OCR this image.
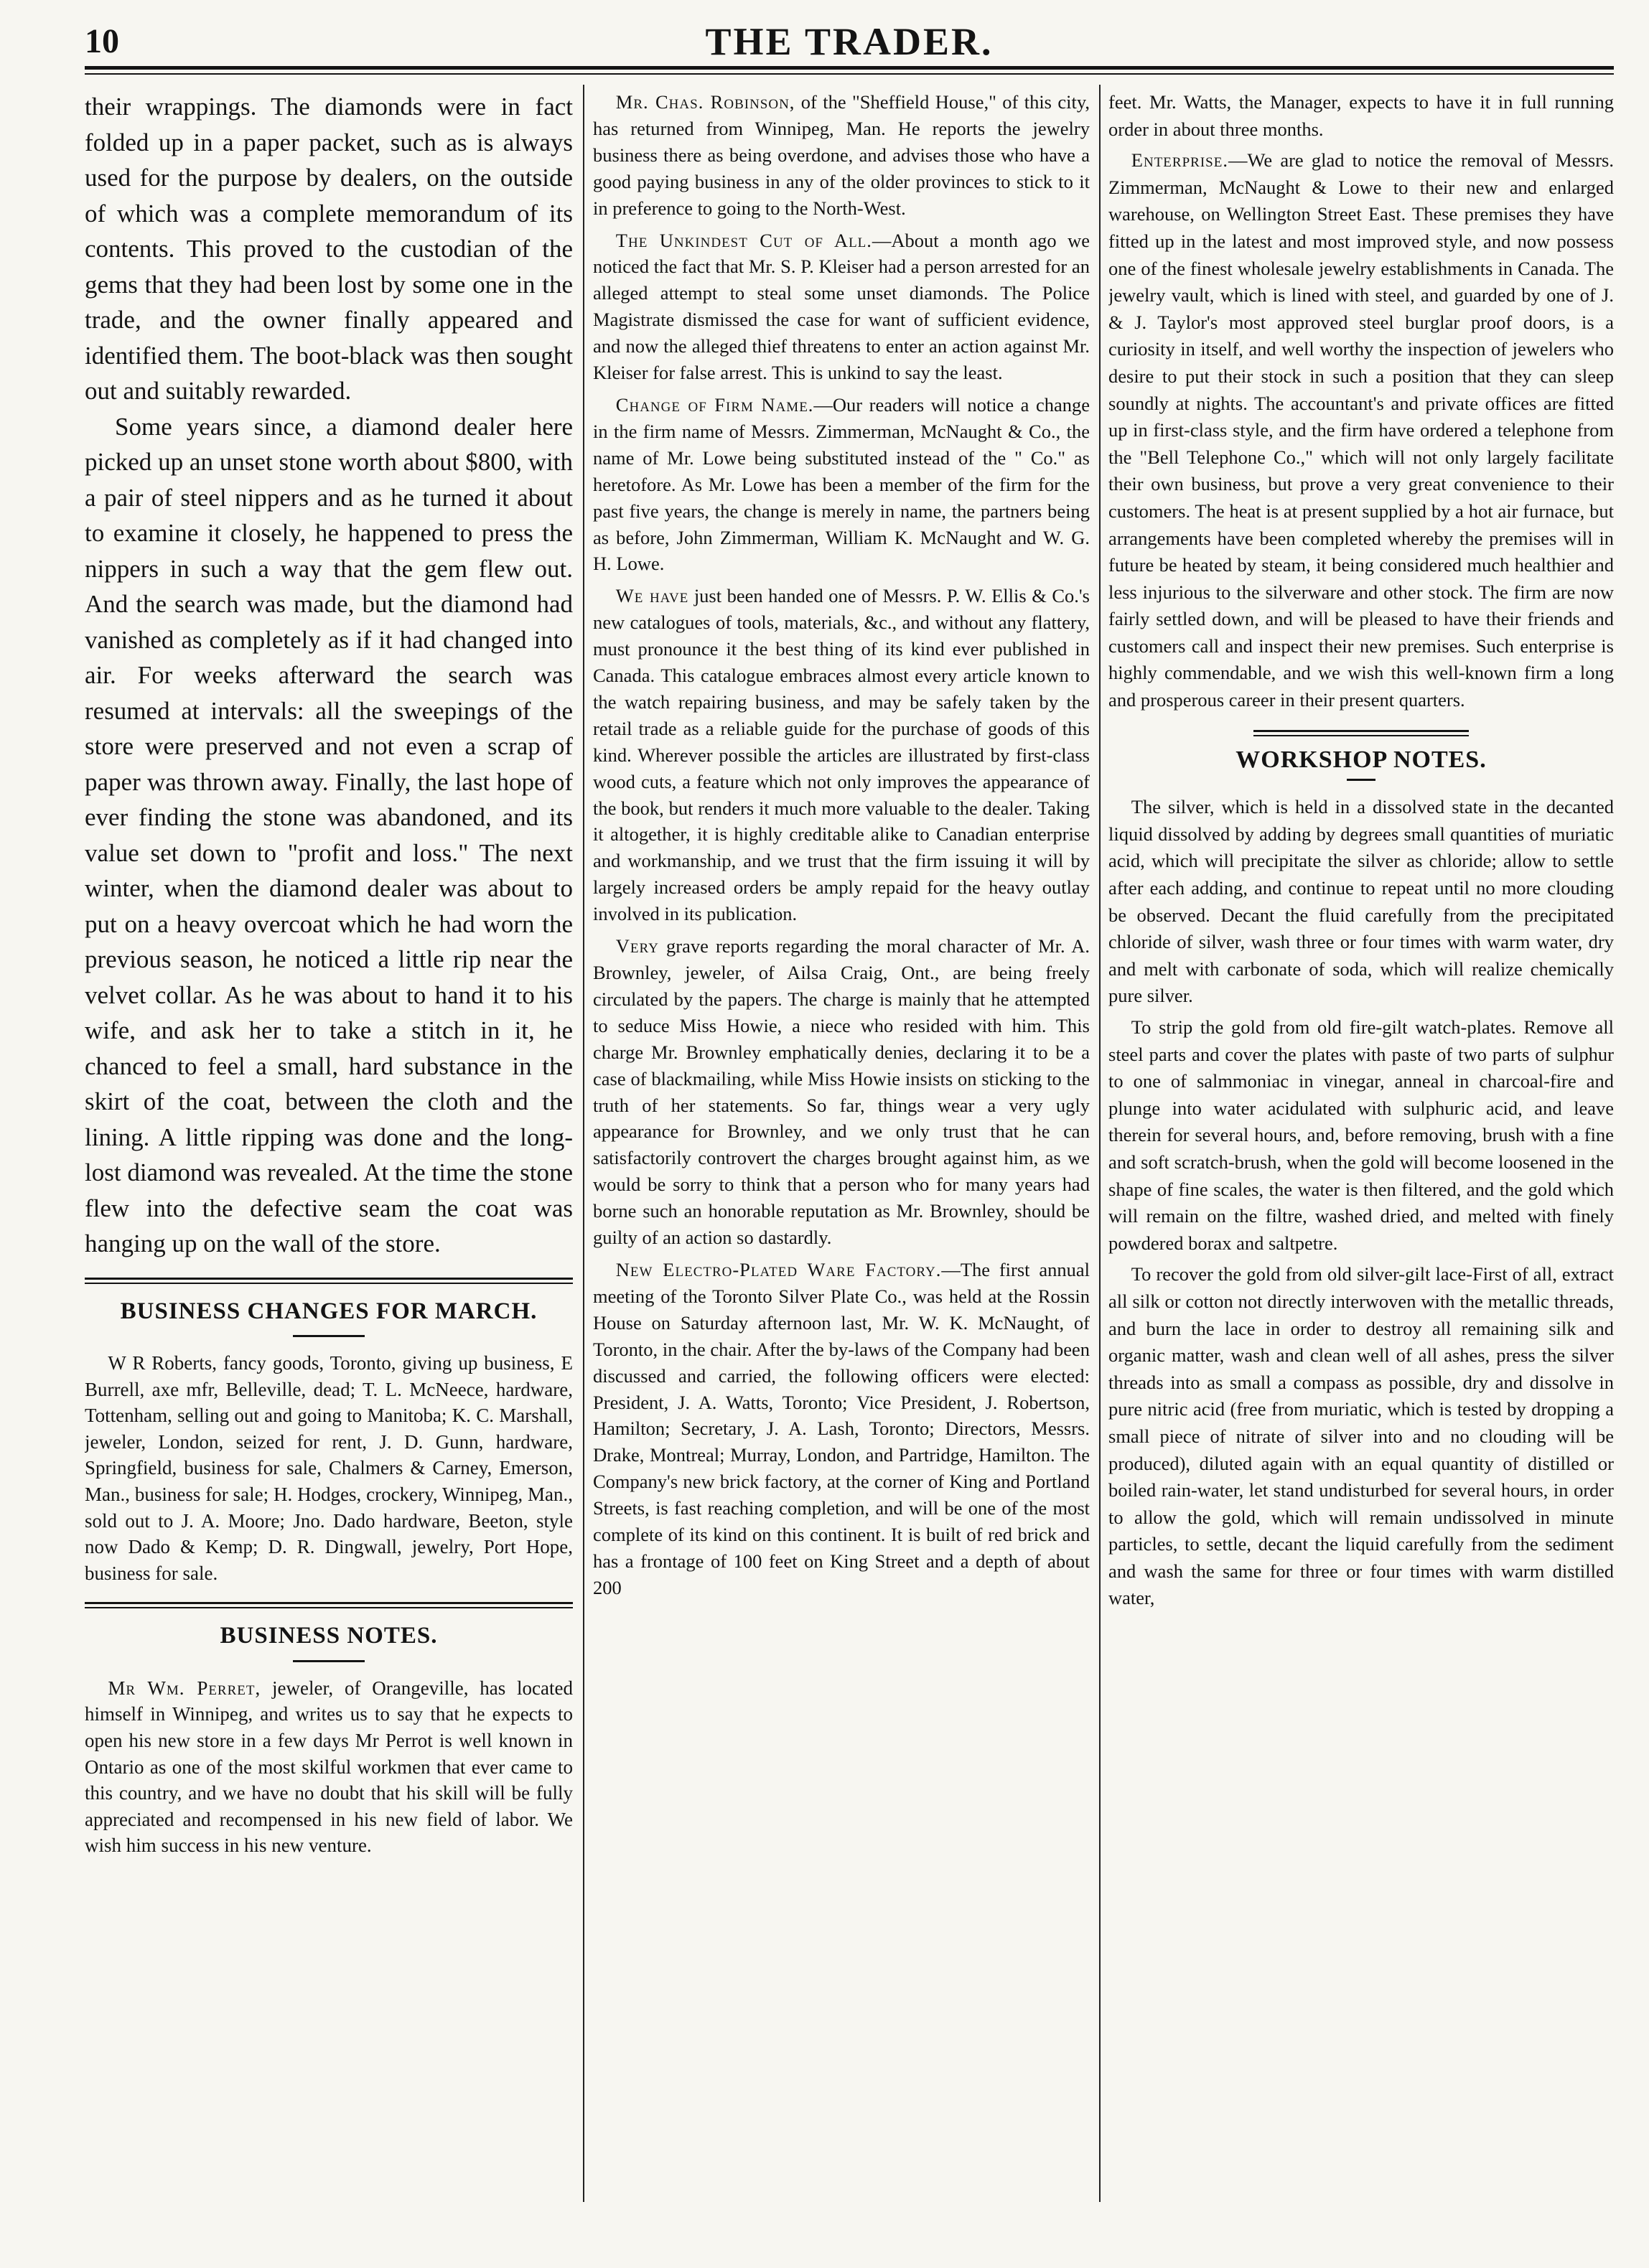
10	THE TRADER.

their wrappings. The diamonds were in fact folded up in a paper packet, such as is always used for the purpose by dealers, on the outside of which was a complete memorandum of its contents. This proved to the custodian of the gems that they had been lost by some one in the trade, and the owner finally appeared and identified them. The boot-black was then sought out and suitably rewarded.

Some years since, a diamond dealer here picked up an unset stone worth about $800, with a pair of steel nippers and as he turned it about to examine it closely, he happened to press the nippers in such a way that the gem flew out. And the search was made, but the diamond had vanished as completely as if it had changed into air. For weeks afterward the search was resumed at intervals: all the sweepings of the store were preserved and not even a scrap of paper was thrown away. Finally, the last hope of ever finding the stone was abandoned, and its value set down to "profit and loss." The next winter, when the diamond dealer was about to put on a heavy overcoat which he had worn the previous season, he noticed a little rip near the velvet collar. As he was about to hand it to his wife, and ask her to take a stitch in it, he chanced to feel a small, hard substance in the skirt of the coat, between the cloth and the lining. A little ripping was done and the long-lost diamond was revealed. At the time the stone flew into the defective seam the coat was hanging up on the wall of the store.

BUSINESS CHANGES FOR MARCH.

W R Roberts, fancy goods, Toronto, giving up business, E Burrell, axe mfr, Belleville, dead; T. L. McNeece, hardware, Tottenham, selling out and going to Manitoba; K. C. Marshall, jeweler, London, seized for rent, J. D. Gunn, hardware, Springfield, business for sale, Chalmers & Carney, Emerson, Man., business for sale; H. Hodges, crockery, Winnipeg, Man., sold out to J. A. Moore; Jno. Dado hardware, Beeton, style now Dado & Kemp; D. R. Dingwall, jewelry, Port Hope, business for sale.

BUSINESS NOTES.

Mr Wm. Perret, jeweler, of Orangeville, has located himself in Winnipeg, and writes us to say that he expects to open his new store in a few days Mr Perrot is well known in Ontario as one of the most skilful workmen that ever came to this country, and we have no doubt that his skill will be fully appreciated and recompensed in his new field of labor. We wish him success in his new venture.

Mr. Chas. Robinson, of the "Sheffield House," of this city, has returned from Winnipeg, Man. He reports the jewelry business there as being overdone, and advises those who have a good paying business in any of the older provinces to stick to it in preference to going to the North-West.

The Unkindest Cut of All.—About a month ago we noticed the fact that Mr. S. P. Kleiser had a person arrested for an alleged attempt to steal some unset diamonds. The Police Magistrate dismissed the case for want of sufficient evidence, and now the alleged thief threatens to enter an action against Mr. Kleiser for false arrest. This is unkind to say the least.

Change of Firm Name.—Our readers will notice a change in the firm name of Messrs. Zimmerman, McNaught & Co., the name of Mr. Lowe being substituted instead of the " Co." as heretofore. As Mr. Lowe has been a member of the firm for the past five years, the change is merely in name, the partners being as before, John Zimmerman, William K. McNaught and W. G. H. Lowe.

We have just been handed one of Messrs. P. W. Ellis & Co.'s new catalogues of tools, materials, &c., and without any flattery, must pronounce it the best thing of its kind ever published in Canada. This catalogue embraces almost every article known to the watch repairing business, and may be safely taken by the retail trade as a reliable guide for the purchase of goods of this kind. Wherever possible the articles are illustrated by first-class wood cuts, a feature which not only improves the appearance of the book, but renders it much more valuable to the dealer. Taking it altogether, it is highly creditable alike to Canadian enterprise and workmanship, and we trust that the firm issuing it will by largely increased orders be amply repaid for the heavy outlay involved in its publication.

Very grave reports regarding the moral character of Mr. A. Brownley, jeweler, of Ailsa Craig, Ont., are being freely circulated by the papers. The charge is mainly that he attempted to seduce Miss Howie, a niece who resided with him. This charge Mr. Brownley emphatically denies, declaring it to be a case of blackmailing, while Miss Howie insists on sticking to the truth of her statements. So far, things wear a very ugly appearance for Brownley, and we only trust that he can satisfactorily controvert the charges brought against him, as we would be sorry to think that a person who for many years had borne such an honorable reputation as Mr. Brownley, should be guilty of an action so dastardly.

New Electro-Plated Ware Factory.—The first annual meeting of the Toronto Silver Plate Co., was held at the Rossin House on Saturday afternoon last, Mr. W. K. McNaught, of Toronto, in the chair. After the by-laws of the Company had been discussed and carried, the following officers were elected: President, J. A. Watts, Toronto; Vice President, J. Robertson, Hamilton; Secretary, J. A. Lash, Toronto; Directors, Messrs. Drake, Montreal; Murray, London, and Partridge, Hamilton. The Company's new brick factory, at the corner of King and Portland Streets, is fast reaching completion, and will be one of the most complete of its kind on this continent. It is built of red brick and has a frontage of 100 feet on King Street and a depth of about 200

feet. Mr. Watts, the Manager, expects to have it in full running order in about three months.

Enterprise.—We are glad to notice the removal of Messrs. Zimmerman, McNaught & Lowe to their new and enlarged warehouse, on Wellington Street East. These premises they have fitted up in the latest and most improved style, and now possess one of the finest wholesale jewelry establishments in Canada. The jewelry vault, which is lined with steel, and guarded by one of J. & J. Taylor's most approved steel burglar proof doors, is a curiosity in itself, and well worthy the inspection of jewelers who desire to put their stock in such a position that they can sleep soundly at nights. The accountant's and private offices are fitted up in first-class style, and the firm have ordered a telephone from the "Bell Telephone Co.," which will not only largely facilitate their own business, but prove a very great convenience to their customers. The heat is at present supplied by a hot air furnace, but arrangements have been completed whereby the premises will in future be heated by steam, it being considered much healthier and less injurious to the silverware and other stock. The firm are now fairly settled down, and will be pleased to have their friends and customers call and inspect their new premises. Such enterprise is highly commendable, and we wish this well-known firm a long and prosperous career in their present quarters.

WORKSHOP NOTES.

The silver, which is held in a dissolved state in the decanted liquid dissolved by adding by degrees small quantities of muriatic acid, which will precipitate the silver as chloride; allow to settle after each adding, and continue to repeat until no more clouding be observed. Decant the fluid carefully from the precipitated chloride of silver, wash three or four times with warm water, dry and melt with carbonate of soda, which will realize chemically pure silver.

To strip the gold from old fire-gilt watch-plates. Remove all steel parts and cover the plates with paste of two parts of sulphur to one of salmmoniac in vinegar, anneal in charcoal-fire and plunge into water acidulated with sulphuric acid, and leave therein for several hours, and, before removing, brush with a fine and soft scratch-brush, when the gold will become loosened in the shape of fine scales, the water is then filtered, and the gold which will remain on the filtre, washed dried, and melted with finely powdered borax and saltpetre.

To recover the gold from old silver-gilt lace-First of all, extract all silk or cotton not directly interwoven with the metallic threads, and burn the lace in order to destroy all remaining silk and organic matter, wash and clean well of all ashes, press the silver threads into as small a compass as possible, dry and dissolve in pure nitric acid (free from muriatic, which is tested by dropping a small piece of nitrate of silver into and no clouding will be produced), diluted again with an equal quantity of distilled or boiled rain-water, let stand undisturbed for several hours, in order to allow the gold, which will remain undissolved in minute particles, to settle, decant the liquid carefully from the sediment and wash the same for three or four times with warm distilled water,
